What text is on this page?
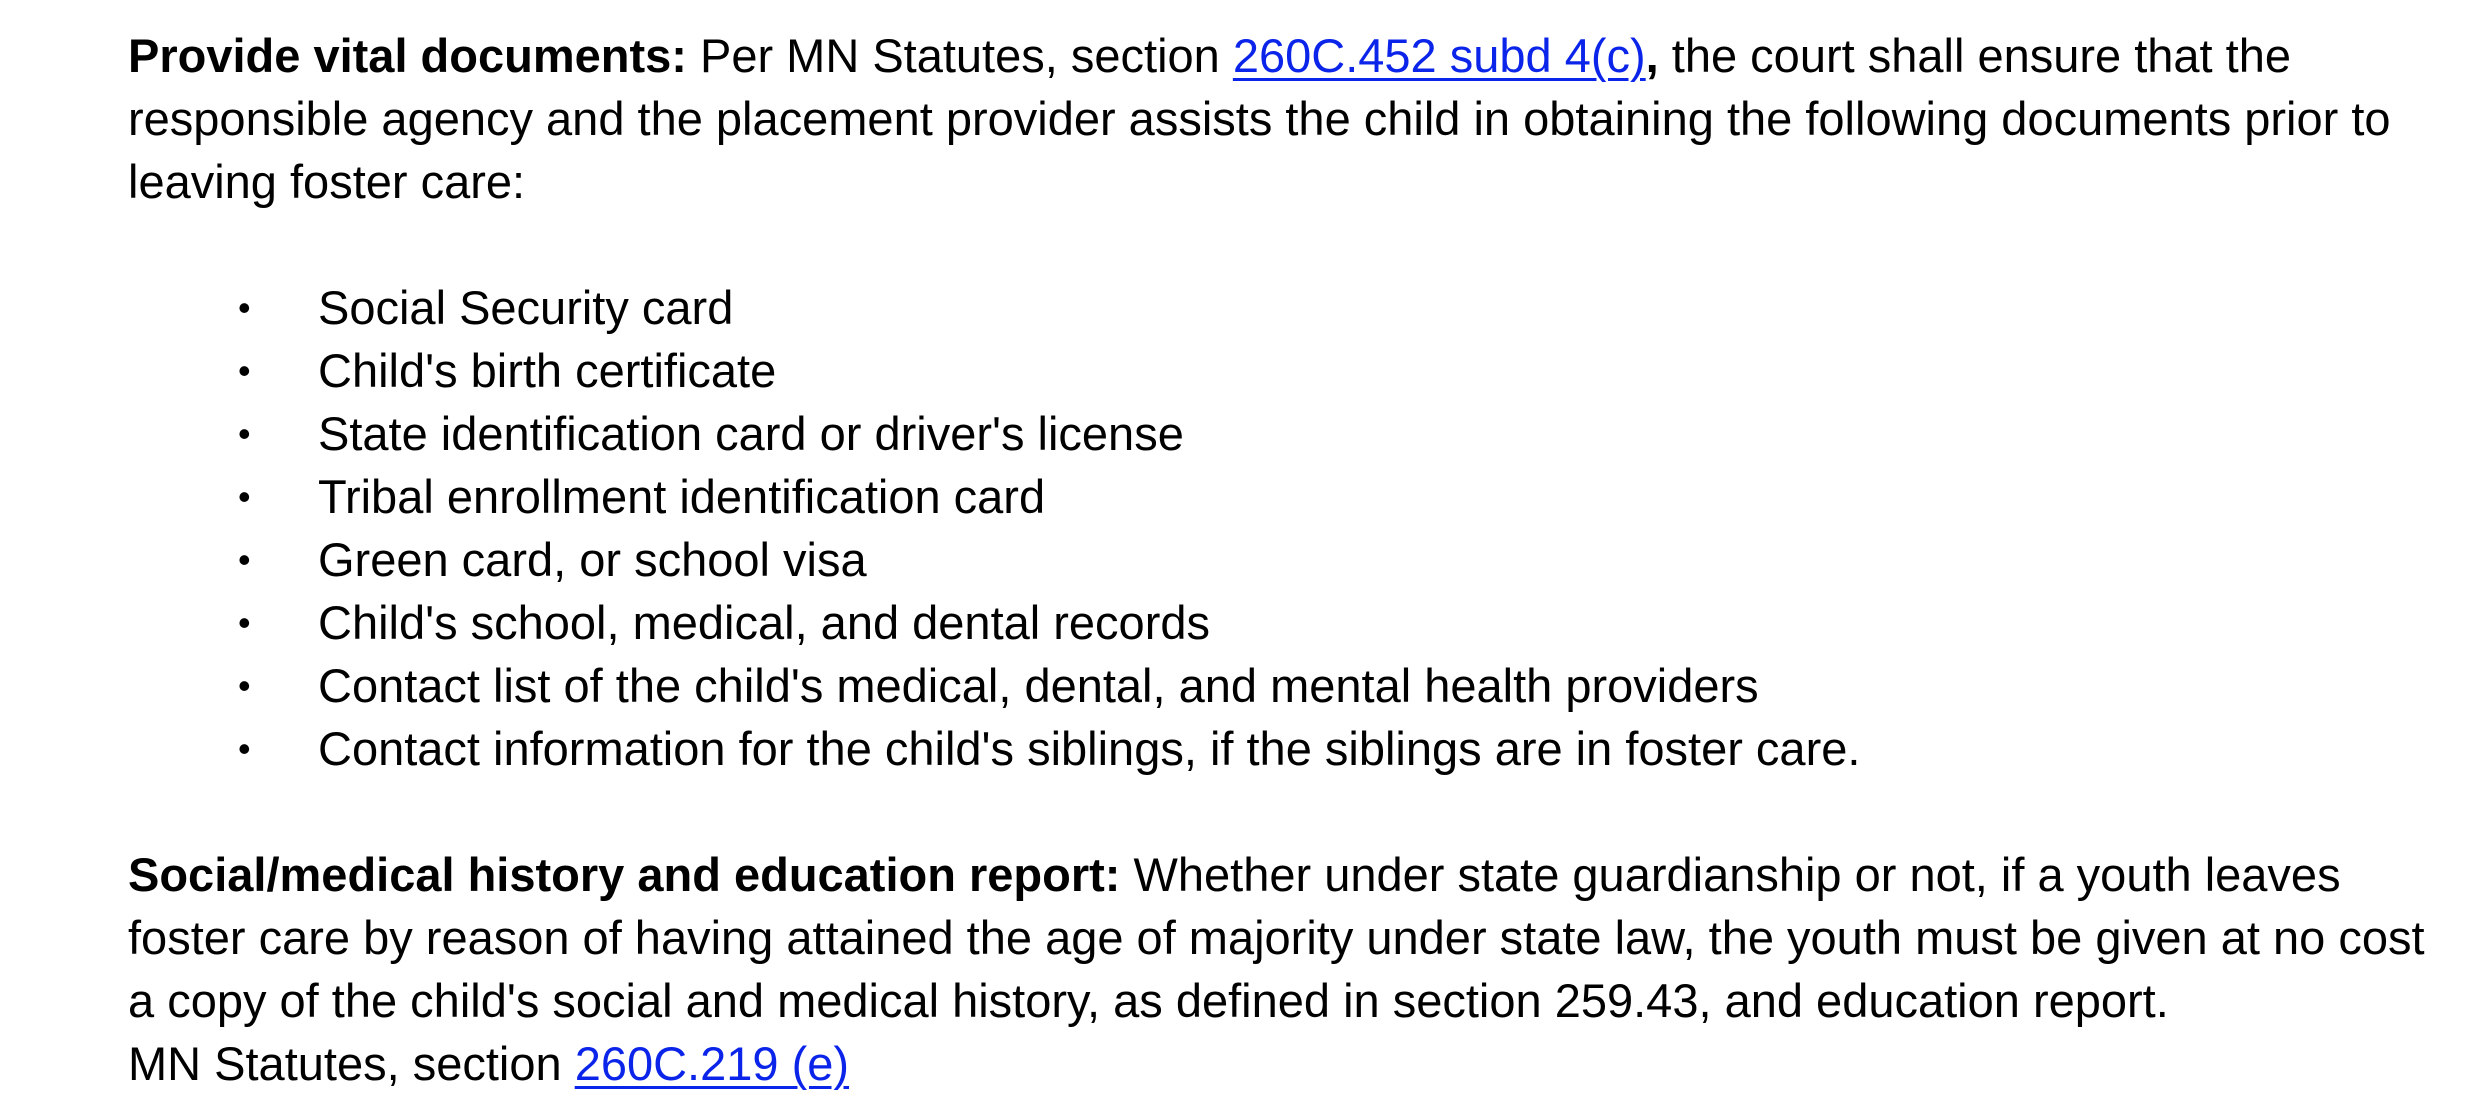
Provide vital documents: Per MN Statutes, section 260C.452 subd 4(c), the court shall ensure that the responsible agency and the placement provider assists the child in obtaining the following documents prior to leaving foster care:

• Social Security card
• Child's birth certificate
• State identification card or driver's license
• Tribal enrollment identification card
• Green card, or school visa
• Child's school, medical, and dental records
• Contact list of the child's medical, dental, and mental health providers
• Contact information for the child's siblings, if the siblings are in foster care.

Social/medical history and education report: Whether under state guardianship or not, if a youth leaves foster care by reason of having attained the age of majority under state law, the youth must be given at no cost a copy of the child's social and medical history, as defined in section 259.43, and education report.

MN Statutes, section 260C.219 (e)
